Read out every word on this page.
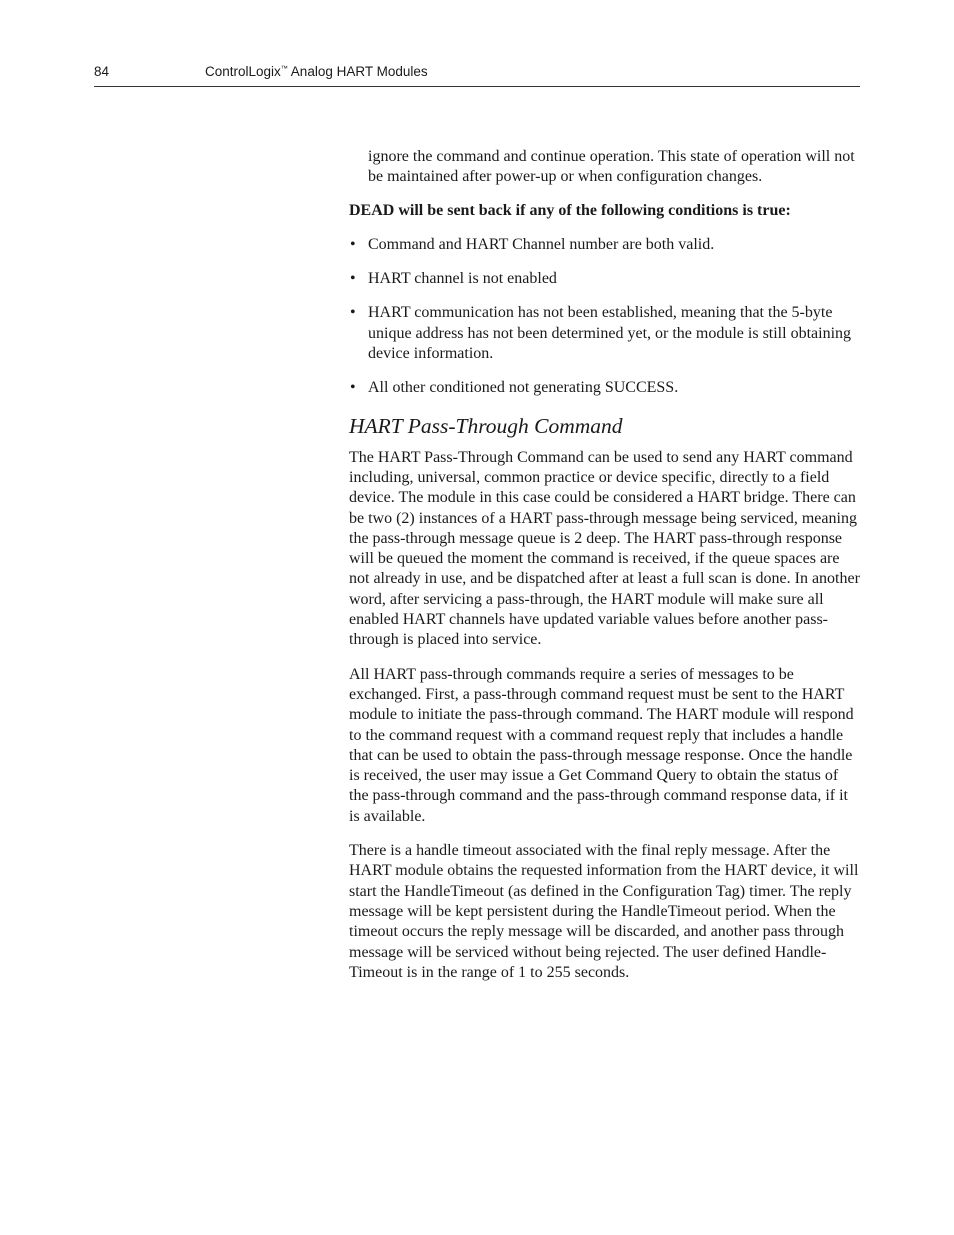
84	ControlLogix™ Analog HART Modules

ignore the command and continue operation. This state of operation will not be maintained after power-up or when configuration changes.

DEAD will be sent back if any of the following conditions is true:

• Command and HART Channel number are both valid.
• HART channel is not enabled
• HART communication has not been established, meaning that the 5-byte unique address has not been determined yet, or the module is still obtaining device information.
• All other conditioned not generating SUCCESS.
HART Pass-Through Command

The HART Pass-Through Command can be used to send any HART command including, universal, common practice or device specific, directly to a field device. The module in this case could be considered a HART bridge. There can be two (2) instances of a HART pass-through message being serviced, meaning the pass-through message queue is 2 deep. The HART pass-through response will be queued the moment the command is received, if the queue spaces are not already in use, and be dispatched after at least a full scan is done. In another word, after servicing a pass-through, the HART module will make sure all enabled HART channels have updated variable values before another pass-through is placed into service.

All HART pass-through commands require a series of messages to be exchanged. First, a pass-through command request must be sent to the HART module to initiate the pass-through command. The HART module will respond to the command request with a command request reply that includes a handle that can be used to obtain the pass-through message response. Once the handle is received, the user may issue a Get Command Query to obtain the status of the pass-through command and the pass-through command response data, if it is available.

There is a handle timeout associated with the final reply message. After the HART module obtains the requested information from the HART device, it will start the HandleTimeout (as defined in the Configuration Tag) timer. The reply message will be kept persistent during the HandleTimeout period. When the timeout occurs the reply message will be discarded, and another pass through message will be serviced without being rejected. The user defined Handle-Timeout is in the range of 1 to 255 seconds.
